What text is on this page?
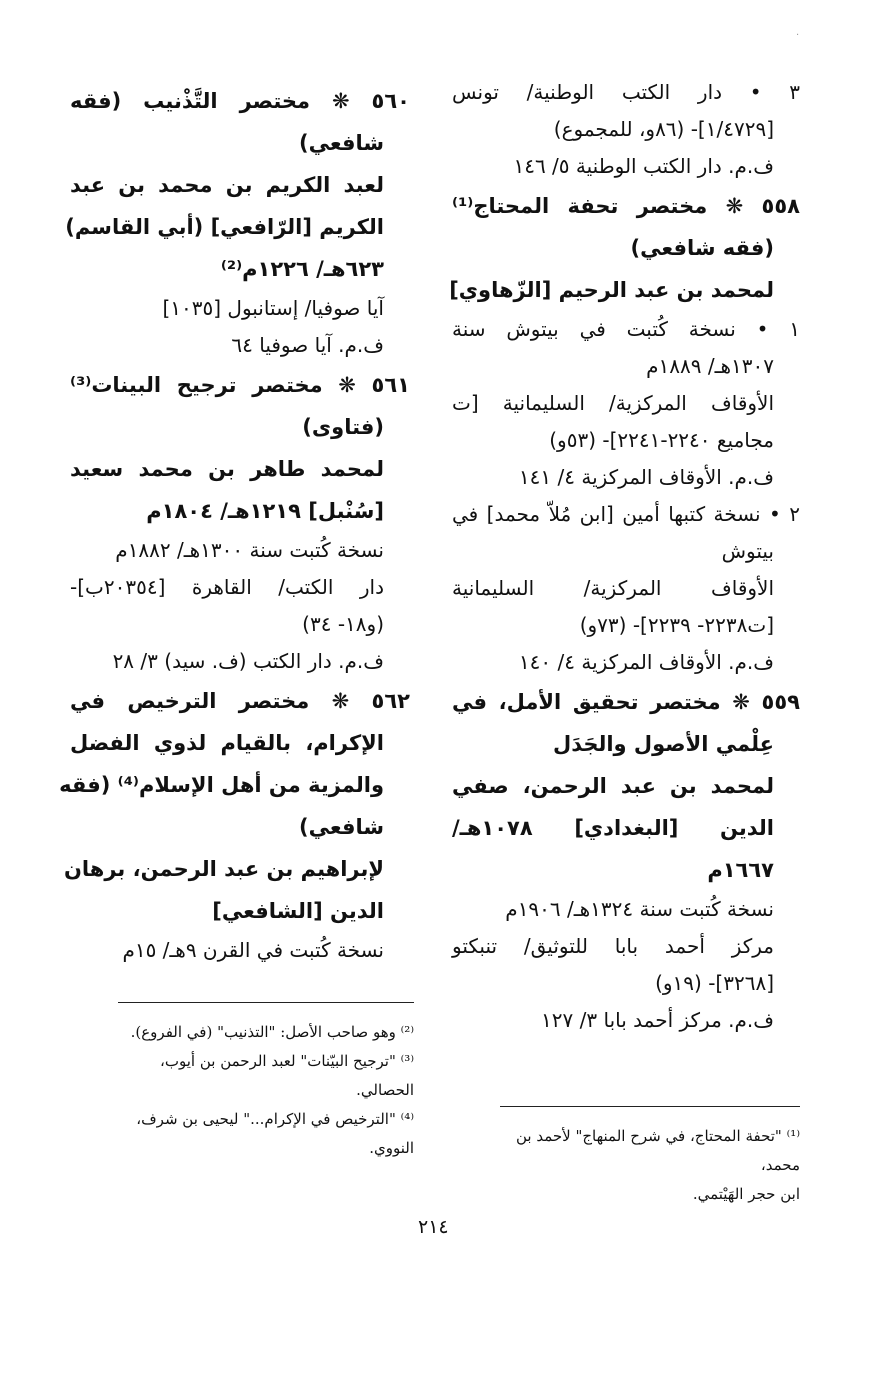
·
٣ • دار الكتب الوطنية/ تونس
[١/٤٧٢٩]- (٨٦و، للمجموع)
ف.م. دار الكتب الوطنية ٥/ ١٤٦
٥٥٨ ❋ مختصر تحفة المحتاج⁽¹⁾
(فقه شافعي)
لمحمد بن عبد الرحيم [الزّهاوي]
١ • نسخة كُتبت في بيتوش سنة
١٣٠٧هـ/ ١٨٨٩م
الأوقاف المركزية/ السليمانية [ت
مجاميع ٢٢٤٠-٢٢٤١]- (٥٣و)
ف.م. الأوقاف المركزية ٤/ ١٤١
٢ • نسخة كتبها أمين [ابن مُلاّ محمد] في
بيتوش
الأوقاف المركزية/ السليمانية
[ت٢٢٣٨- ٢٢٣٩]- (٧٣و)
ف.م. الأوقاف المركزية ٤/ ١٤٠
٥٥٩ ❋ مختصر تحقيق الأمل، في
عِلْمي الأصول والجَدَل
لمحمد بن عبد الرحمن، صفي
الدين [البغدادي] ١٠٧٨هـ/
١٦٦٧م
نسخة كُتبت سنة ١٣٢٤هـ/ ١٩٠٦م
مركز أحمد بابا للتوثيق/ تنبكتو
[٣٢٦٨]- (١٩و)
ف.م. مركز أحمد بابا ٣/ ١٢٧
٥٦٠ ❋ مختصر التَّذْنيب (فقه
شافعي)
لعبد الكريم بن محمد بن عبد
الكريم [الرّافعي] (أبي القاسم)
٦٢٣هـ/ ١٢٢٦م⁽²⁾
آيا صوفيا/ إستانبول [١٠٣٥]
ف.م. آيا صوفيا ٦٤
٥٦١ ❋ مختصر ترجيح البينات⁽³⁾
(فتاوى)
لمحمد طاهر بن محمد سعيد
[سُنْبل] ١٢١٩هـ/ ١٨٠٤م
نسخة كُتبت سنة ١٣٠٠هـ/ ١٨٨٢م
دار الكتب/ القاهرة [٢٠٣٥٤ب]-
(و١٨- ٣٤)
ف.م. دار الكتب (ف. سيد) ٣/ ٢٨
٥٦٢ ❋ مختصر الترخيص في
الإكرام، بالقيام لذوي الفضل
والمزية من أهل الإسلام⁽⁴⁾ (فقه
شافعي)
لإبراهيم بن عبد الرحمن، برهان
الدين [الشافعي]
نسخة كُتبت في القرن ٩هـ/ ١٥م
⁽¹⁾ "تحفة المحتاج، في شرح المنهاج" لأحمد بن محمد،
ابن حجر الهَيْتمي.
⁽²⁾ وهو صاحب الأصل: "التذنيب" (في الفروع).
⁽³⁾ "ترجيح البيّنات" لعبد الرحمن بن أيوب،
الحصالي.
⁽⁴⁾ "الترخيص في الإكرام..." ليحيى بن شرف،
النووي.
٢١٤
